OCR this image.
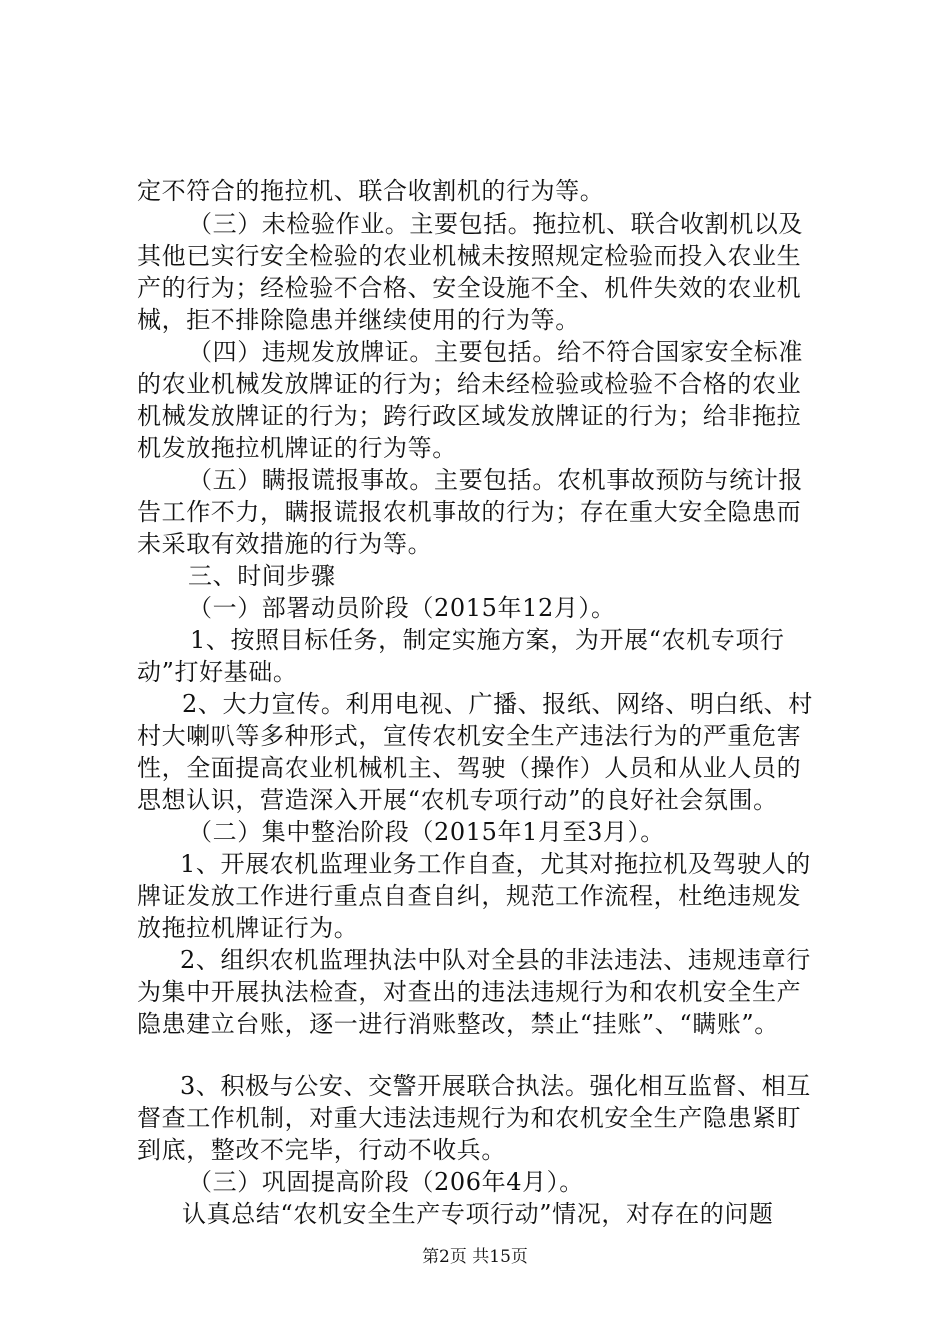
定不符合的拖拉机、联合收割机的行为等。
（三）未检验作业。主要包括。拖拉机、联合收割机以及
其他已实行安全检验的农业机械未按照规定检验而投入农业生
产的行为；经检验不合格、安全设施不全、机件失效的农业机
械，拒不排除隐患并继续使用的行为等。
（四）违规发放牌证。主要包括。给不符合国家安全标准
的农业机械发放牌证的行为；给未经检验或检验不合格的农业
机械发放牌证的行为；跨行政区域发放牌证的行为；给非拖拉
机发放拖拉机牌证的行为等。
（五）瞒报谎报事故。主要包括。农机事故预防与统计报
告工作不力，瞒报谎报农机事故的行为；存在重大安全隐患而
未采取有效措施的行为等。
三、时间步骤
（一）部署动员阶段（2015年12月）。
1、按照目标任务，制定实施方案，为开展“农机专项行
动”打好基础。
2、大力宣传。利用电视、广播、报纸、网络、明白纸、村
村大喇叭等多种形式，宣传农机安全生产违法行为的严重危害
性，全面提高农业机械机主、驾驶（操作）人员和从业人员的
思想认识，营造深入开展“农机专项行动”的良好社会氛围。
（二）集中整治阶段（2015年1月至3月）。
1、开展农机监理业务工作自查，尤其对拖拉机及驾驶人的
牌证发放工作进行重点自查自纠，规范工作流程，杜绝违规发
放拖拉机牌证行为。
2、组织农机监理执法中队对全县的非法违法、违规违章行
为集中开展执法检查，对查出的违法违规行为和农机安全生产
隐患建立台账，逐一进行消账整改，禁止“挂账”、“瞒账”。
3、积极与公安、交警开展联合执法。强化相互监督、相互
督查工作机制，对重大违法违规行为和农机安全生产隐患紧盯
到底，整改不完毕，行动不收兵。
（三）巩固提高阶段（206年4月）。
认真总结“农机安全生产专项行动”情况，对存在的问题
第2页 共15页
